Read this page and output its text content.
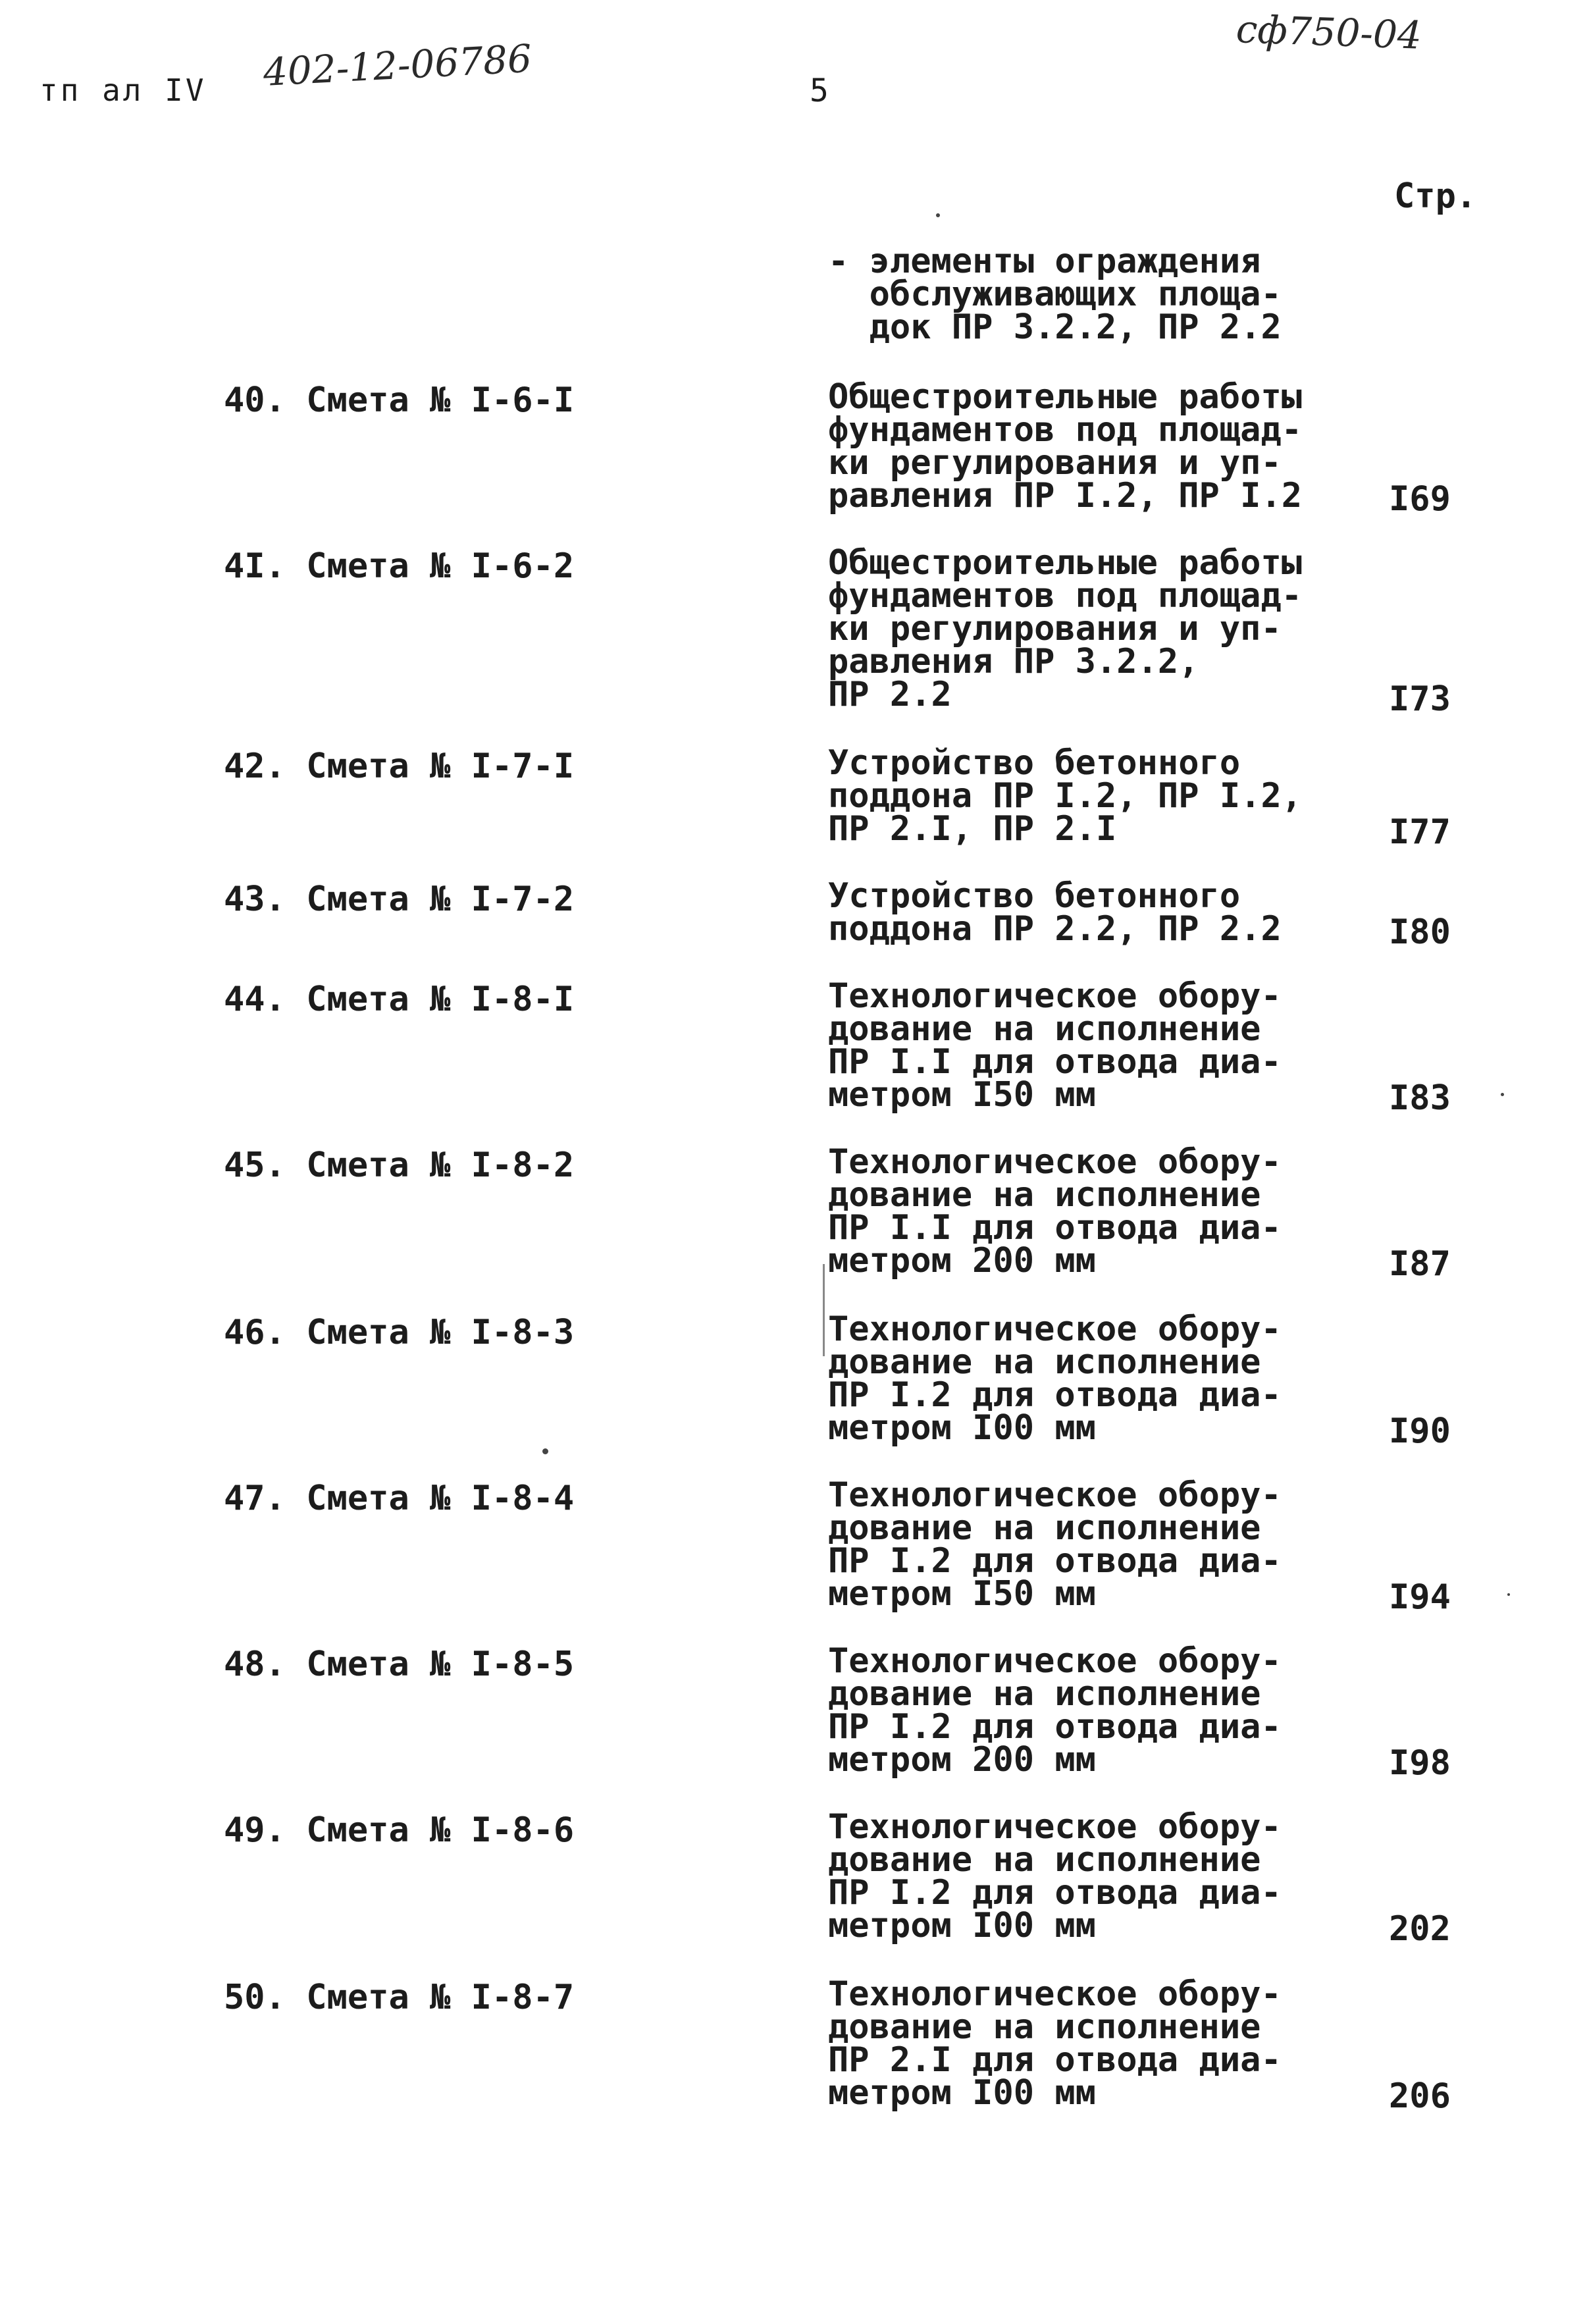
тп ал IV 402-12-06786	5
сф750-04
Стр.
- элементы ограждения
обслуживающих площа-
док ПР 3.2.2, ПР 2.2
40. Смета № I-6-I	Общестроительные работы
фундаментов под площад-
ки регулирования и уп-
равления ПР I.2, ПР I.2	I69
4I. Смета № I-6-2	Общестроительные работы
фундаментов под площад-
ки регулирования и уп-
равления ПР 3.2.2,
ПР 2.2	I73
42. Смета № I-7-I	Устройство бетонного
поддона ПР I.2, ПР I.2,
ПР 2.I, ПР 2.I	I77
43. Смета № I-7-2	Устройство бетонного
поддона ПР 2.2, ПР 2.2	I80
44. Смета № I-8-I	Технологическое обору-
дование на исполнение
ПР I.I для отвода диа-
метром I50 мм	I83
45. Смета № I-8-2	Технологическое обору-
дование на исполнение
ПР I.I для отвода диа-
метром 200 мм	I87
46. Смета № I-8-3	Технологическое обору-
дование на исполнение
ПР I.2 для отвода диа-
метром I00 мм	I90
47. Смета № I-8-4	Технологическое обору-
дование на исполнение
ПР I.2 для отвода диа-
метром I50 мм	I94
48. Смета № I-8-5	Технологическое обору-
дование на исполнение
ПР I.2 для отвода диа-
метром 200 мм	I98
49. Смета № I-8-6	Технологическое обору-
дование на исполнение
ПР I.2 для отвода диа-
метром I00 мм	202
50. Смета № I-8-7	Технологическое обору-
дование на исполнение
ПР 2.I для отвода диа-
метром I00 мм	206
